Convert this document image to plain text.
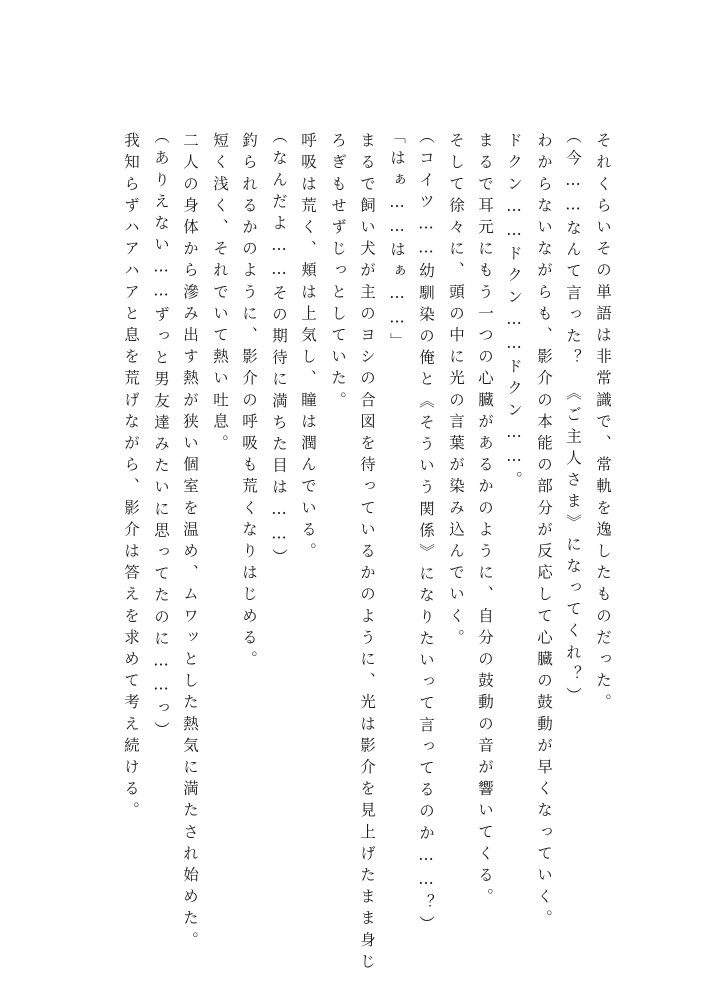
それくらいその単語は非常識で、常軌を逸したものだった。
（今……なんて言った？　《ご主人さま》になってくれ？）
わからないながらも、影介の本能の部分が反応して心臓の鼓動が早くなっていく。
ドクン……ドクン……ドクン……。
まるで耳元にもう一つの心臓があるかのように、自分の鼓動の音が響いてくる。
そして徐々に、頭の中に光の言葉が染み込んでいく。
（コイツ……幼馴染の俺と《そういう関係》になりたいって言ってるのか……？）
「はぁ……はぁ……」
まるで飼い犬が主のヨシの合図を待っているかのように、光は影介を見上げたまま身じ
ろぎもせずじっとしていた。
呼吸は荒く、頬は上気し、瞳は潤んでいる。
（なんだよ……その期待に満ちた目は……）
釣られるかのように、影介の呼吸も荒くなりはじめる。
短く浅く、それでいて熱い吐息。
二人の身体から滲み出す熱が狭い個室を温め、ムワッとした熱気に満たされ始めた。
（ありえない……ずっと男友達みたいに思ってたのに……っ）
我知らずハアハアと息を荒げながら、影介は答えを求めて考え続ける。
